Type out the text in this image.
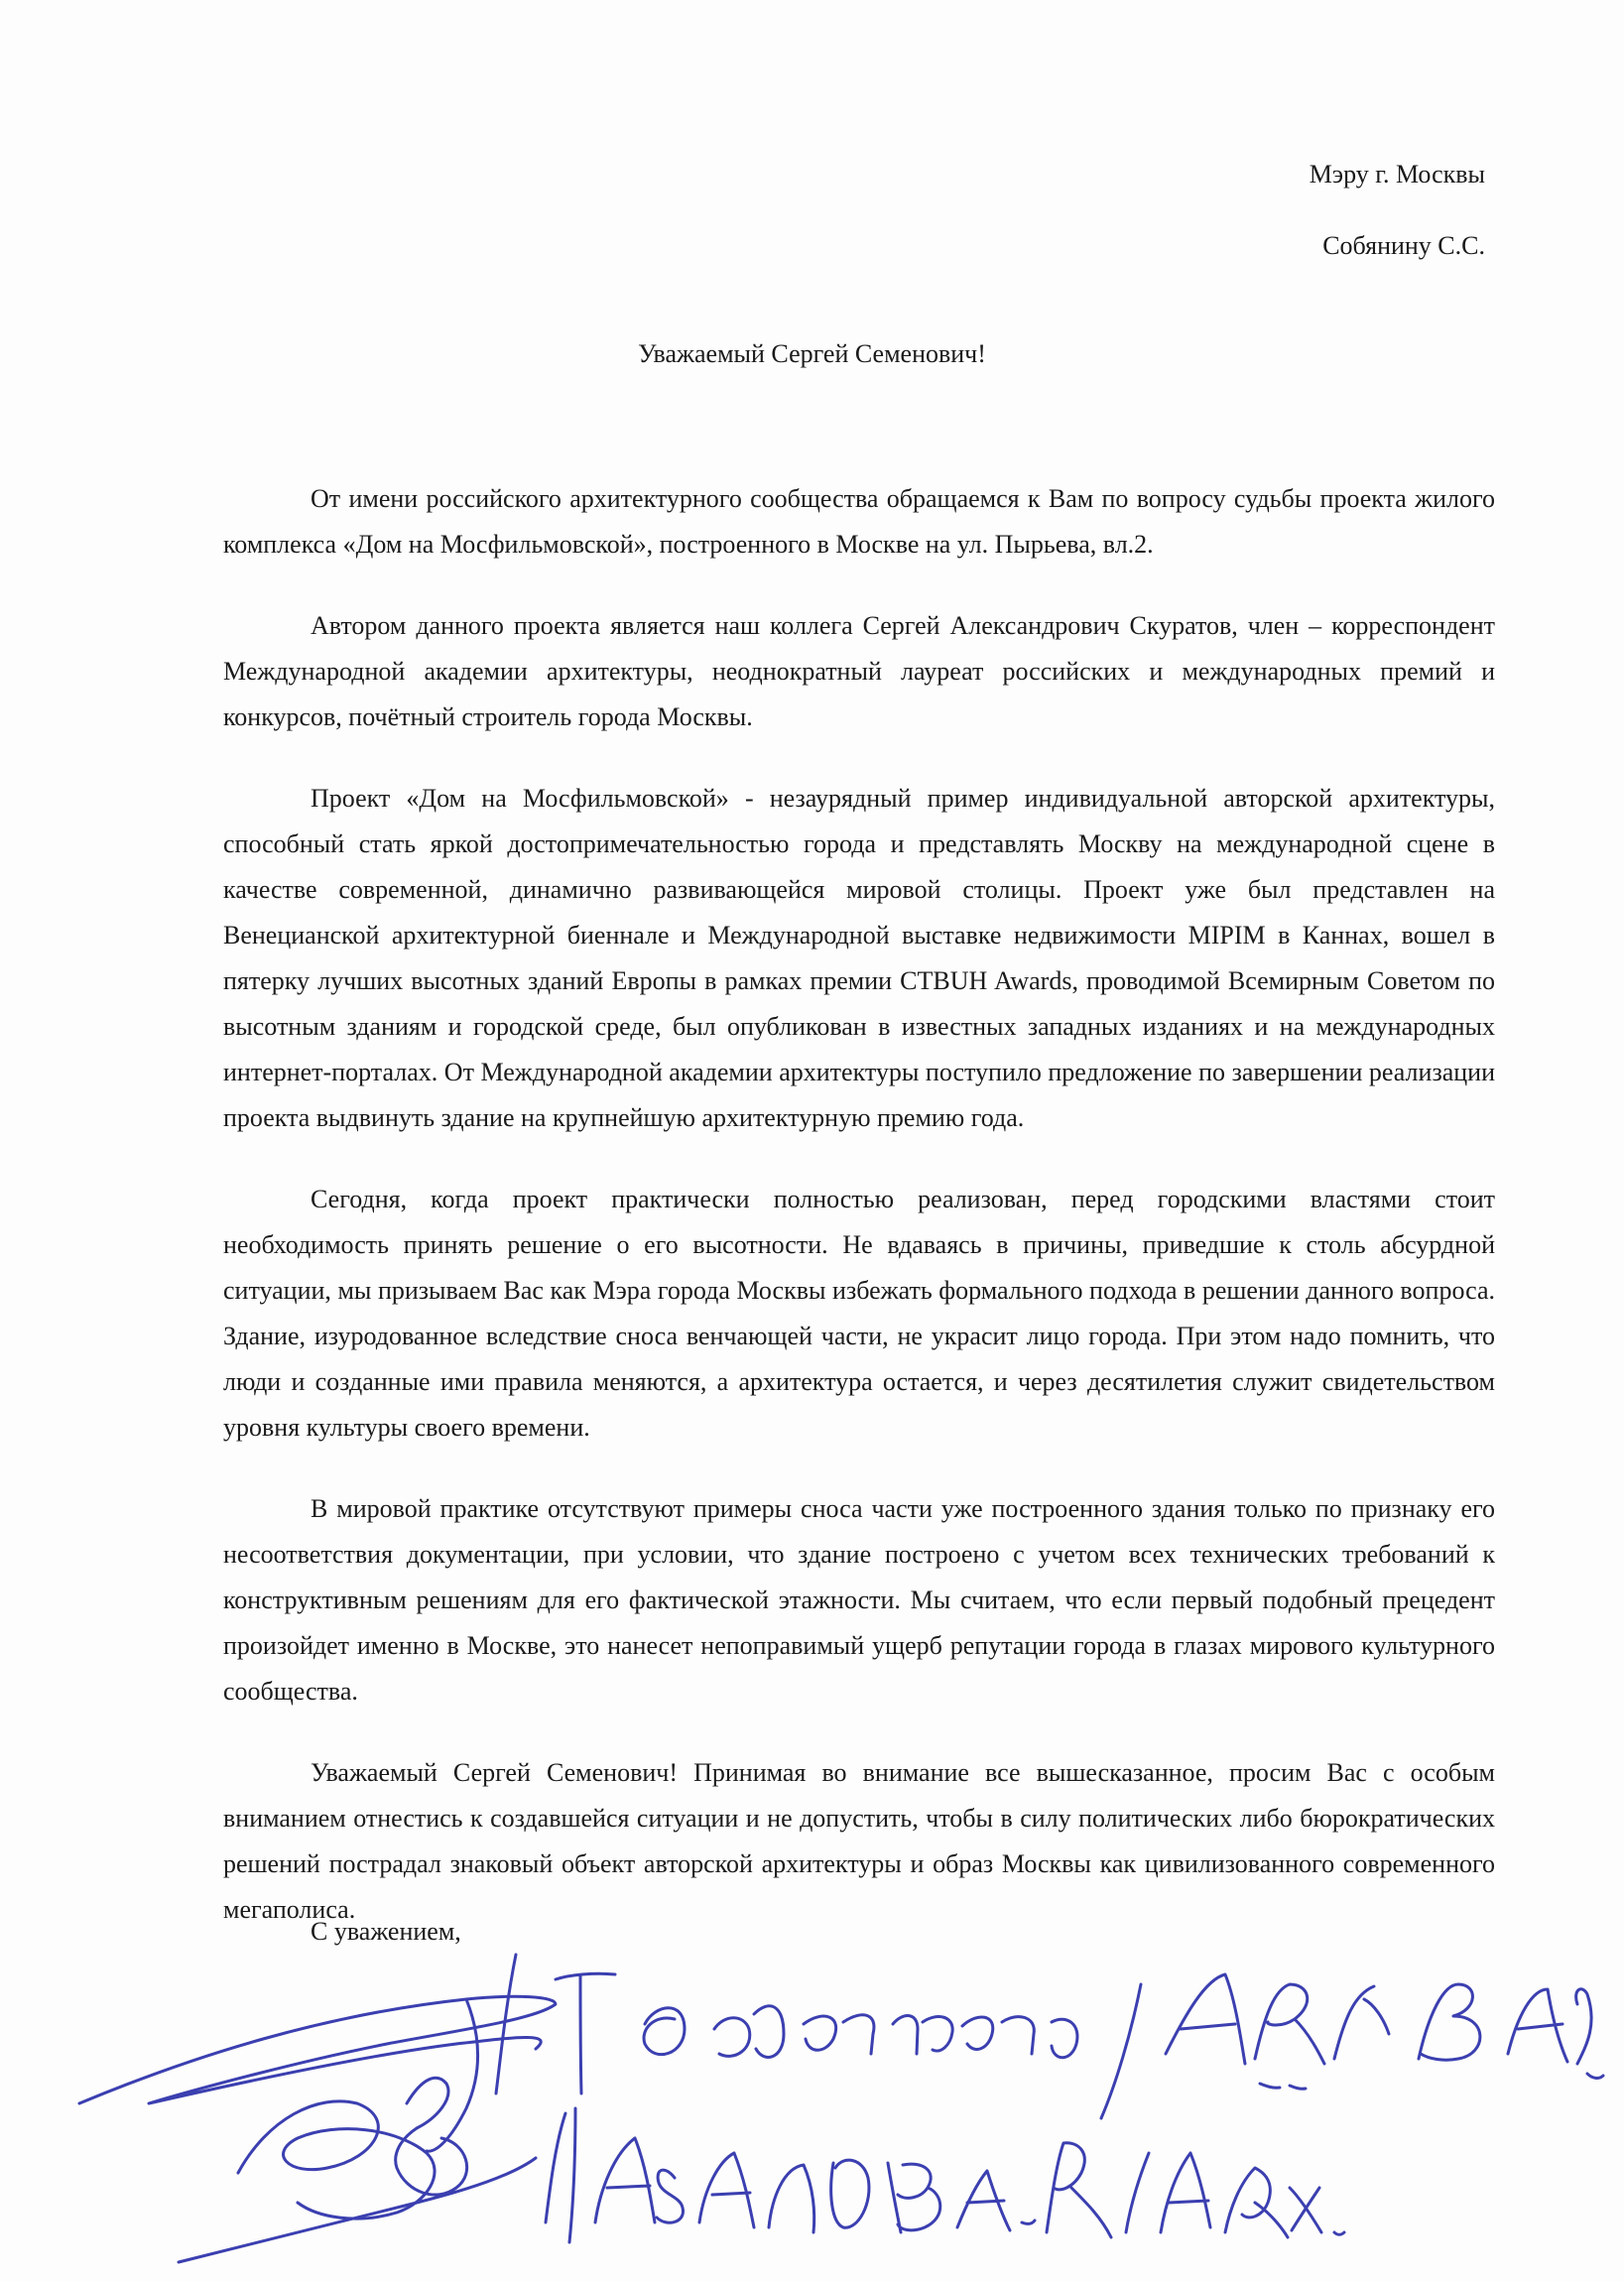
Мэру г. Москвы
Собянину С.С.
Уважаемый Сергей Семенович!

От имени российского архитектурного сообщества обращаемся к Вам по вопросу судьбы проекта жилого комплекса «Дом на Мосфильмовской», построенного в Москве на ул. Пырьева, вл.2.

Автором данного проекта является наш коллега Сергей Александрович Скуратов, член – корреспондент Международной академии архитектуры, неоднократный лауреат российских и международных премий и конкурсов, почётный строитель города Москвы.

Проект «Дом на Мосфильмовской» - незаурядный пример индивидуальной авторской архитектуры, способный стать яркой достопримечательностью города и представлять Москву на международной сцене в качестве современной, динамично развивающейся мировой столицы. Проект уже был представлен на Венецианской архитектурной биеннале и Международной выставке недвижимости MIPIM в Каннах, вошел в пятерку лучших высотных зданий Европы в рамках премии CTBUH Awards, проводимой Всемирным Советом по высотным зданиям и городской среде, был опубликован в известных западных изданиях и на международных интернет-порталах. От Международной академии архитектуры поступило предложение по завершении реализации проекта выдвинуть здание на крупнейшую архитектурную премию года.

Сегодня, когда проект практически полностью реализован, перед городскими властями стоит необходимость принять решение о его высотности. Не вдаваясь в причины, приведшие к столь абсурдной ситуации, мы призываем Вас как Мэра города Москвы избежать формального подхода в решении данного вопроса. Здание, изуродованное вследствие сноса венчающей части, не украсит лицо города. При этом надо помнить, что люди и созданные ими правила меняются, а архитектура остается, и через десятилетия служит свидетельством уровня культуры своего времени.

В мировой практике отсутствуют примеры сноса части уже построенного здания только по признаку его несоответствия документации, при условии, что здание построено с учетом всех технических требований к конструктивным решениям для его фактической этажности. Мы считаем, что если первый подобный прецедент произойдет именно в Москве, это нанесет непоправимый ущерб репутации города в глазах мирового культурного сообщества.

Уважаемый Сергей Семенович! Принимая во внимание все вышесказанное, просим Вас с особым вниманием отнестись к создавшейся ситуации и не допустить, чтобы в силу политических либо бюрократических решений пострадал знаковый объект авторской архитектуры и образ Москвы как цивилизованного современного мегаполиса.

С уважением,
